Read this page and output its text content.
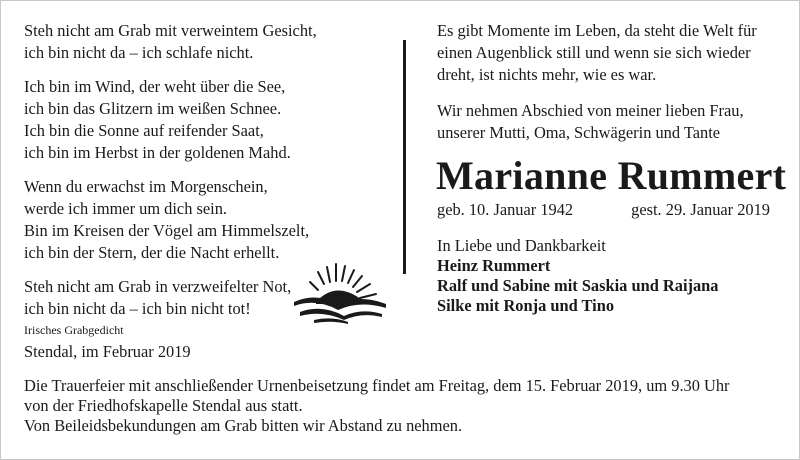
Steh nicht am Grab mit verweintem Gesicht,
ich bin nicht da – ich schlafe nicht.
Ich bin im Wind, der weht über die See,
ich bin das Glitzern im weißen Schnee.
Ich bin die Sonne auf reifender Saat,
ich bin im Herbst in der goldenen Mahd.
Wenn du erwachst im Morgenschein,
werde ich immer um dich sein.
Bin im Kreisen der Vögel am Himmelszelt,
ich bin der Stern, der die Nacht erhellt.
Steh nicht am Grab in verzweifelter Not,
ich bin nicht da – ich bin nicht tot!
Irisches Grabgedicht
Es gibt Momente im Leben, da steht die Welt für
einen Augenblick still und wenn sie sich wieder
dreht, ist nichts mehr, wie es war.
Wir nehmen Abschied von meiner lieben Frau,
unserer Mutti, Oma, Schwägerin und Tante
Marianne Rummert
geb. 10. Januar 1942	gest. 29. Januar 2019
In Liebe und Dankbarkeit
Heinz Rummert
Ralf und Sabine mit Saskia und Raijana
Silke mit Ronja und Tino
Stendal, im Februar 2019
Die Trauerfeier mit anschließender Urnenbeisetzung findet am Freitag, dem 15. Februar 2019, um 9.30 Uhr
von der Friedhofskapelle Stendal aus statt.
Von Beileidsbekundungen am Grab bitten wir Abstand zu nehmen.
